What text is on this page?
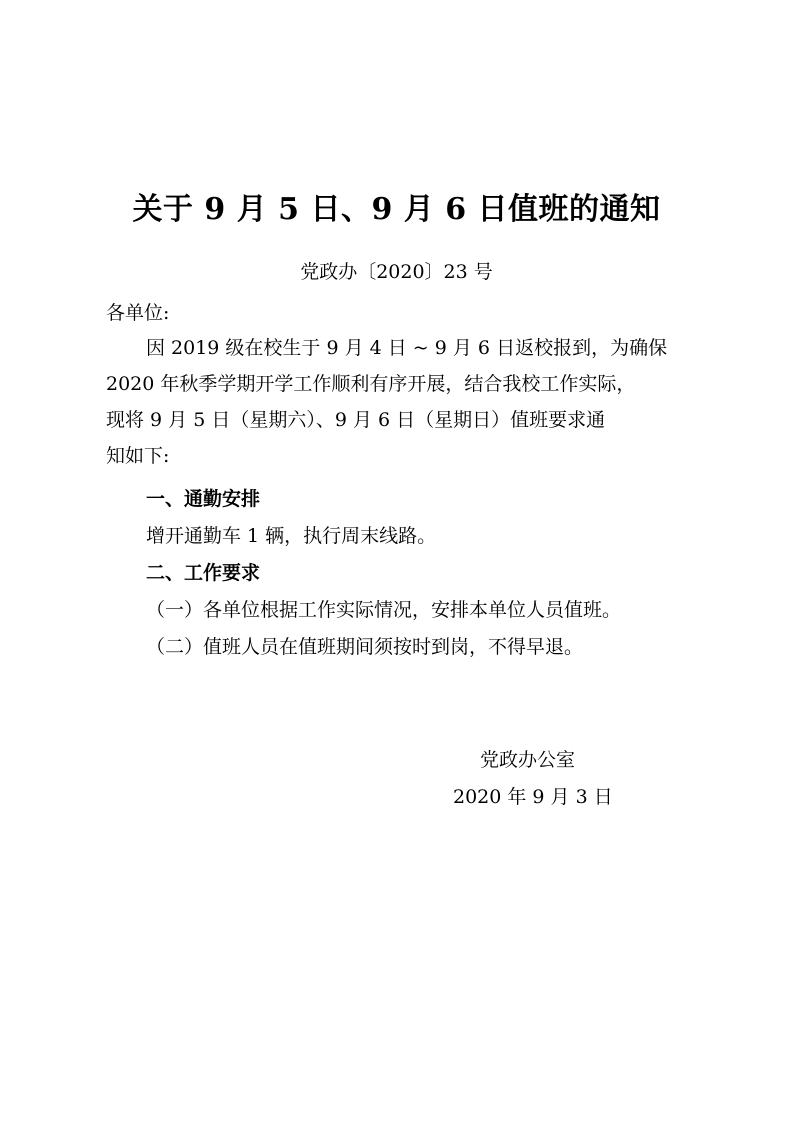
关于 9 月 5 日、9 月 6 日值班的通知
党政办〔2020〕23 号
各单位:
因 2019 级在校生于 9 月 4 日 ~ 9 月 6 日返校报到，为确保
2020 年秋季学期开学工作顺利有序开展，结合我校工作实际，
现将 9 月 5 日（星期六）、9 月 6 日（星期日）值班要求通
知如下:
一、通勤安排
增开通勤车 1 辆，执行周末线路。
二、工作要求
（一）各单位根据工作实际情况，安排本单位人员值班。
（二）值班人员在值班期间须按时到岗，不得早退。
党政办公室
2020 年 9 月 3 日
